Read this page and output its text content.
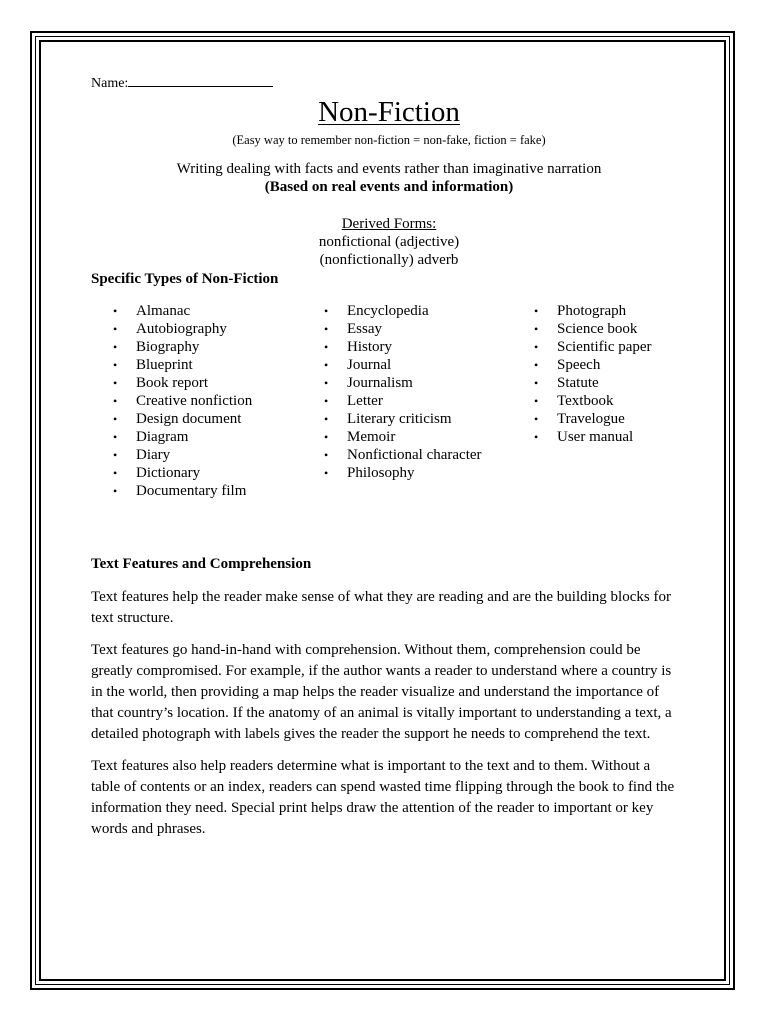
Name:
Non-Fiction
(Easy way to remember non-fiction = non-fake, fiction = fake)
Writing dealing with facts and events rather than imaginative narration
(Based on real events and information)
Derived Forms:
nonfictional (adjective)
(nonfictionally) adverb
Specific Types of Non-Fiction
•	Almanac
•	Autobiography
•	Biography
•	Blueprint
•	Book report
•	Creative nonfiction
•	Design document
•	Diagram
•	Diary
•	Dictionary
•	Documentary film
•	Encyclopedia
•	Essay
•	History
•	Journal
•	Journalism
•	Letter
•	Literary criticism
•	Memoir
•	Nonfictional character
•	Philosophy
•	Photograph
•	Science book
•	Scientific paper
•	Speech
•	Statute
•	Textbook
•	Travelogue
•	User manual
Text Features and Comprehension
Text features help the reader make sense of what they are reading and are the building blocks for text structure.
Text features go hand-in-hand with comprehension. Without them, comprehension could be greatly compromised. For example, if the author wants a reader to understand where a country is in the world, then providing a map helps the reader visualize and understand the importance of that country’s location. If the anatomy of an animal is vitally important to understanding a text, a detailed photograph with labels gives the reader the support he needs to comprehend the text.
Text features also help readers determine what is important to the text and to them. Without a table of contents or an index, readers can spend wasted time flipping through the book to find the information they need. Special print helps draw the attention of the reader to important or key words and phrases.
